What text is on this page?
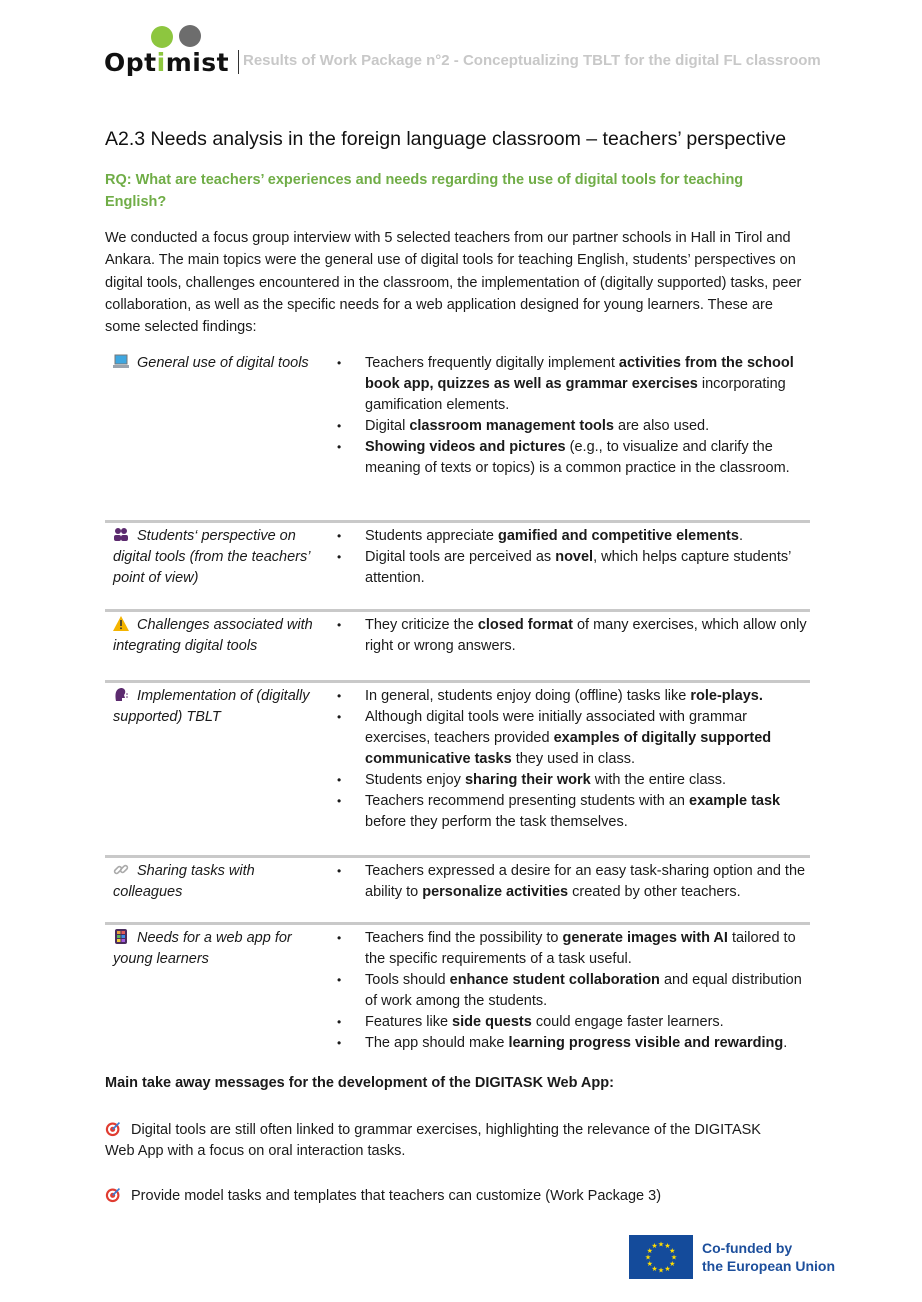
Optimist Results of Work Package n°2 - Conceptualizing TBLT for the digital FL classroom
A2.3 Needs analysis in the foreign language classroom – teachers’ perspective
RQ: What are teachers’ experiences and needs regarding the use of digital tools for teaching English?
We conducted a focus group interview with 5 selected teachers from our partner schools in Hall in Tirol and Ankara. The main topics were the general use of digital tools for teaching English, students’ perspectives on digital tools, challenges encountered in the classroom, the implementation of (digitally supported) tasks, peer collaboration, as well as the specific needs for a web application designed for young learners. These are some selected findings:
General use of digital tools	• Teachers frequently digitally implement activities from the school book app, quizzes as well as grammar exercises incorporating gamification elements.
• Digital classroom management tools are also used.
• Showing videos and pictures (e.g., to visualize and clarify the meaning of texts or topics) is a common practice in the classroom.
Students‘ perspective on digital tools (from the teachers’ point of view)
• Students appreciate gamified and competitive elements.
• Digital tools are perceived as novel, which helps capture students’ attention.
Challenges associated with integrating digital tools
• They criticize the closed format of many exercises, which allow only right or wrong answers.
Implementation of (digitally supported) TBLT
• In general, students enjoy doing (offline) tasks like role-plays.
• Although digital tools were initially associated with grammar exercises, teachers provided examples of digitally supported communicative tasks they used in class.
• Students enjoy sharing their work with the entire class.
• Teachers recommend presenting students with an example task before they perform the task themselves.
Sharing tasks with colleagues
• Teachers expressed a desire for an easy task-sharing option and the ability to personalize activities created by other teachers.
Needs for a web app for young learners
• Teachers find the possibility to generate images with AI tailored to the specific requirements of a task useful.
• Tools should enhance student collaboration and equal distribution of work among the students.
• Features like side quests could engage faster learners.
• The app should make learning progress visible and rewarding.
Main take away messages for the development of the DIGITASK Web App:
Digital tools are still often linked to grammar exercises, highlighting the relevance of the DIGITASK Web App with a focus on oral interaction tasks.
Provide model tasks and templates that teachers can customize (Work Package 3)
★ ★
★
★
★
★
★
★
★
★
★
★	Co-funded by
the European Union
